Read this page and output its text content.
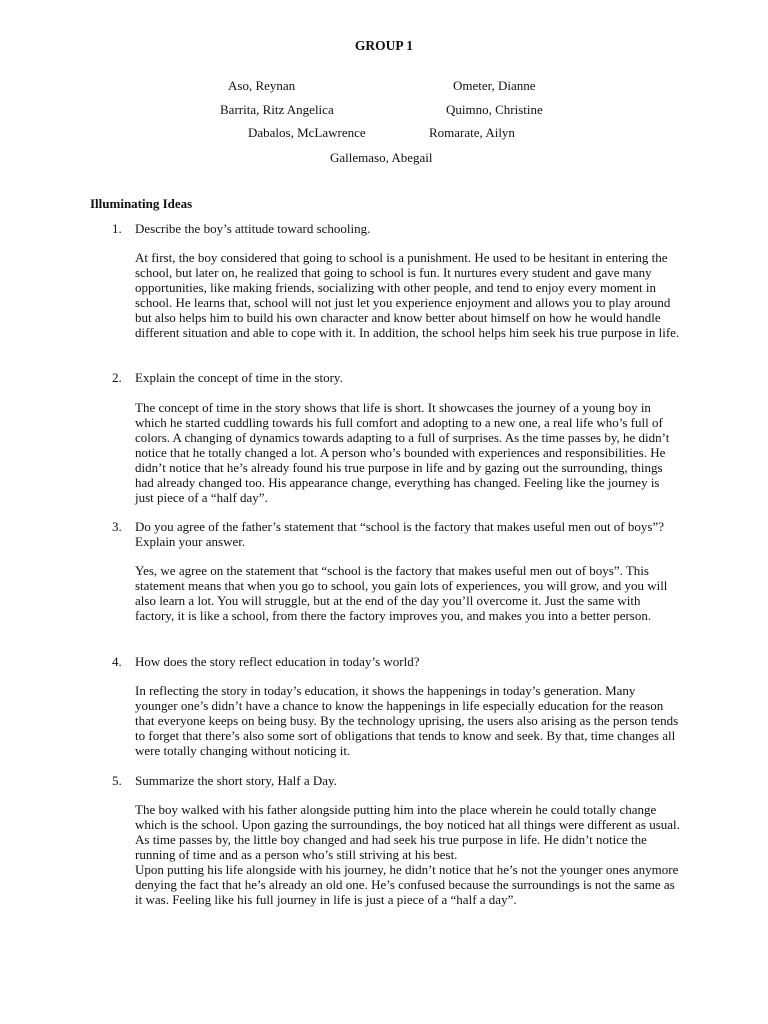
GROUP 1
Aso, Reynan	Ometer, Dianne
Barrita, Ritz Angelica	Quimno, Christine
Dabalos, McLawrence	Romarate, Ailyn
Gallemaso, Abegail
Illuminating Ideas
1. Describe the boy’s attitude toward schooling.

At first, the boy considered that going to school is a punishment. He used to be hesitant in entering the school, but later on, he realized that going to school is fun. It nurtures every student and gave many opportunities, like making friends, socializing with other people, and tend to enjoy every moment in school. He learns that, school will not just let you experience enjoyment and allows you to play around but also helps him to build his own character and know better about himself on how he would handle different situation and able to cope with it. In addition, the school helps him seek his true purpose in life.

2. Explain the concept of time in the story.

The concept of time in the story shows that life is short. It showcases the journey of a young boy in which he started cuddling towards his full comfort and adopting to a new one, a real life who’s full of colors. A changing of dynamics towards adapting to a full of surprises. As the time passes by, he didn’t notice that he totally changed a lot. A person who’s bounded with experiences and responsibilities. He didn’t notice that he’s already found his true purpose in life and by gazing out the surrounding, things had already changed too. His appearance change, everything has changed. Feeling like the journey is just piece of a “half day”.

3. Do you agree of the father’s statement that “school is the factory that makes useful men out of boys”? Explain your answer.

Yes, we agree on the statement that “school is the factory that makes useful men out of boys”. This statement means that when you go to school, you gain lots of experiences, you will grow, and you will also learn a lot. You will struggle, but at the end of the day you’ll overcome it. Just the same with factory, it is like a school, from there the factory improves you, and makes you into a better person.

4. How does the story reflect education in today’s world?

In reflecting the story in today’s education, it shows the happenings in today’s generation. Many younger one’s didn’t have a chance to know the happenings in life especially education for the reason that everyone keeps on being busy. By the technology uprising, the users also arising as the person tends to forget that there’s also some sort of obligations that tends to know and seek. By that, time changes all were totally changing without noticing it.

5. Summarize the short story, Half a Day.

The boy walked with his father alongside putting him into the place wherein he could totally change which is the school. Upon gazing the surroundings, the boy noticed hat all things were different as usual.

As time passes by, the little boy changed and had seek his true purpose in life. He didn’t notice the running of time and as a person who’s still striving at his best.

Upon putting his life alongside with his journey, he didn’t notice that he’s not the younger ones anymore denying the fact that he’s already an old one. He’s confused because the surroundings is not the same as it was. Feeling like his full journey in life is just a piece of a “half a day”.
